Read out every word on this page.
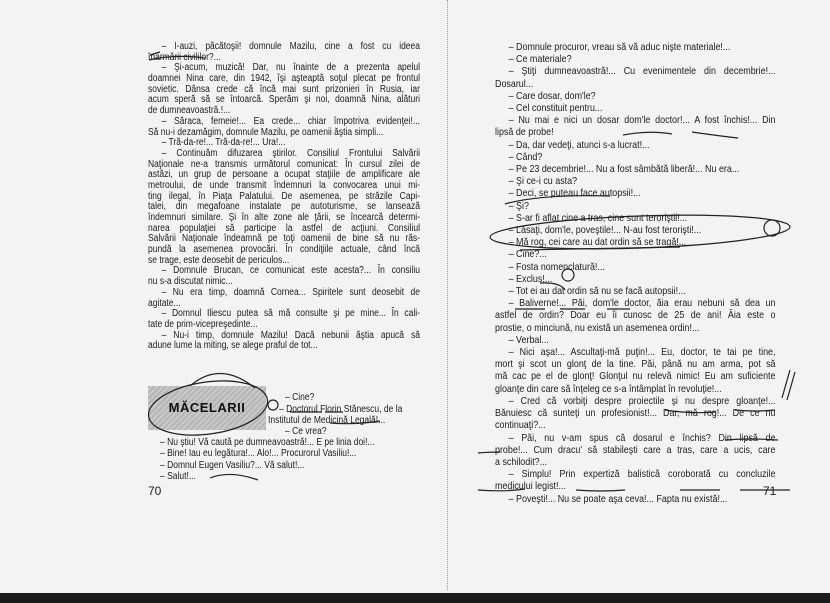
– I-auzi, păcătoşii! domnule Mazilu, cine a fost cu ideea
înarmării civililor?...
– Şi-acum, muzică! Dar, nu înainte de a prezenta apelul
doamnei Nina care, din 1942, îşi aşteaptă soţul plecat pe frontul
sovietic. Dânsa crede că încă mai sunt prizonieri în Rusia, iar
acum speră să se întoarcă. Sperăm şi noi, doamnă Nina, alături
de dumneavoastră.!...
– Săraca, femeie!... Ea crede... chiar împotriva evidenţei!...
Să nu-i dezamăgim, domnule Mazilu, pe oamenii ăştia simpli...
– Tră-da-re!... Tră-da-re!... Ura!...
– Continuăm difuzarea ştirilor. Consiliul Frontului Salvării
Naţionale ne-a transmis următorul comunicat: În cursul zilei de
astăzi, un grup de persoane a ocupat staţiile de amplificare ale
metroului, de unde transmit îndemnuri la convocarea unui mi-
ting ilegal, în Piaţa Palatului. De asemenea, pe străzile Capi-
talei, din megafoane instalate pe autoturisme, se lansează
îndemnuri similare. Şi în alte zone ale ţării, se încearcă determi-
narea populaţiei să participe la astfel de acţiuni. Consiliul
Salvării Naţionale îndeamnă pe toţi oamenii de bine să nu răs-
pundă la asemenea provocări. În condiţiile actuale, când încă
se trage, este deosebit de periculos...
– Domnule Brucan, ce comunicat este acesta?... În consiliu
nu s-a discutat nimic...
– Nu era timp, doamnă Cornea... Spiritele sunt deosebit de
agitate...
– Domnul Iliescu putea să mă consulte şi pe mine... În cali-
tate de prim-vicepreşedinte...
– Nu-i timp, domnule Mazilu! Dacă nebunii ăştia apucă să
adune lume la miting, se alege praful de tot...
MĂCELARII
– Cine?
– Doctorul Florin Stănescu, de la
Institutul de Medicină Legală!...
– Ce vrea?
– Nu ştiu! Vă caută pe dumneavoastră!... E pe linia doi!...
– Bine! Iau eu legătura!... Alo!... Procurorul Vasiliu!...
– Domnul Eugen Vasiliu?... Vă salut!...
– Salut!...
70
– Domnule procuror, vreau să vă aduc nişte materiale!...
– Ce materiale?
– Ştiţi dumneavoastră!... Cu evenimentele din decembrie!...
Dosarul...
– Care dosar, dom'le?
– Cel constituit pentru...
– Nu mai e nici un dosar dom'le doctor!... A fost închis!... Din
lipsă de probe!
– Da, dar vedeţi, atunci s-a lucrat!...
– Când?
– Pe 23 decembrie!... Nu a fost sâmbătă liberă!... Nu era...
– Şi ce-i cu asta?
– Deci, se puteau face autopsii!...
– Şi?
– S-ar fi aflat cine a tras, cine sunt teroriştii!...
– Lăsaţi, dom'le, poveştile!... N-au fost terorişti!...
– Mă rog, cei care au dat ordin să se tragă!...
– Cine?...
– Fosta nomenclatură!...
– Exclus!...
– Tot ei au dat ordin să nu se facă autopsii!...
– Baliverne!... Păi, dom'le doctor, ăia erau nebuni să dea un
astfel de ordin? Doar eu îi cunosc de 25 de ani! Ăia este o
prostie, o minciună, nu există un asemenea ordin!...
– Verbal...
– Nici aşa!... Ascultaţi-mă puţin!... Eu, doctor, te tai pe tine,
mort şi scot un glonţ de la tine. Păi, până nu am arma, pot să
mă cac pe el de glonţ! Glonţul nu relevă nimic! Eu am suficiente
gloanţe din care să înţeleg ce s-a întâmplat în revoluţie!...
– Cred că vorbiţi despre proiectile şi nu despre gloanţe!...
Bănuiesc că sunteţi un profesionist!... Dar, mă rog!... De ce nu
continuaţi?...
– Păi, nu v-am spus că dosarul e închis? Din lipsă de
probe!... Cum dracu' să stabileşti care a tras, care a ucis, care
a schilodit?...
– Simplu! Prin expertiză balistică coroborată cu concluzile
medicului legist!...
– Poveşti!... Nu se poate aşa ceva!... Fapta nu există!...
71
